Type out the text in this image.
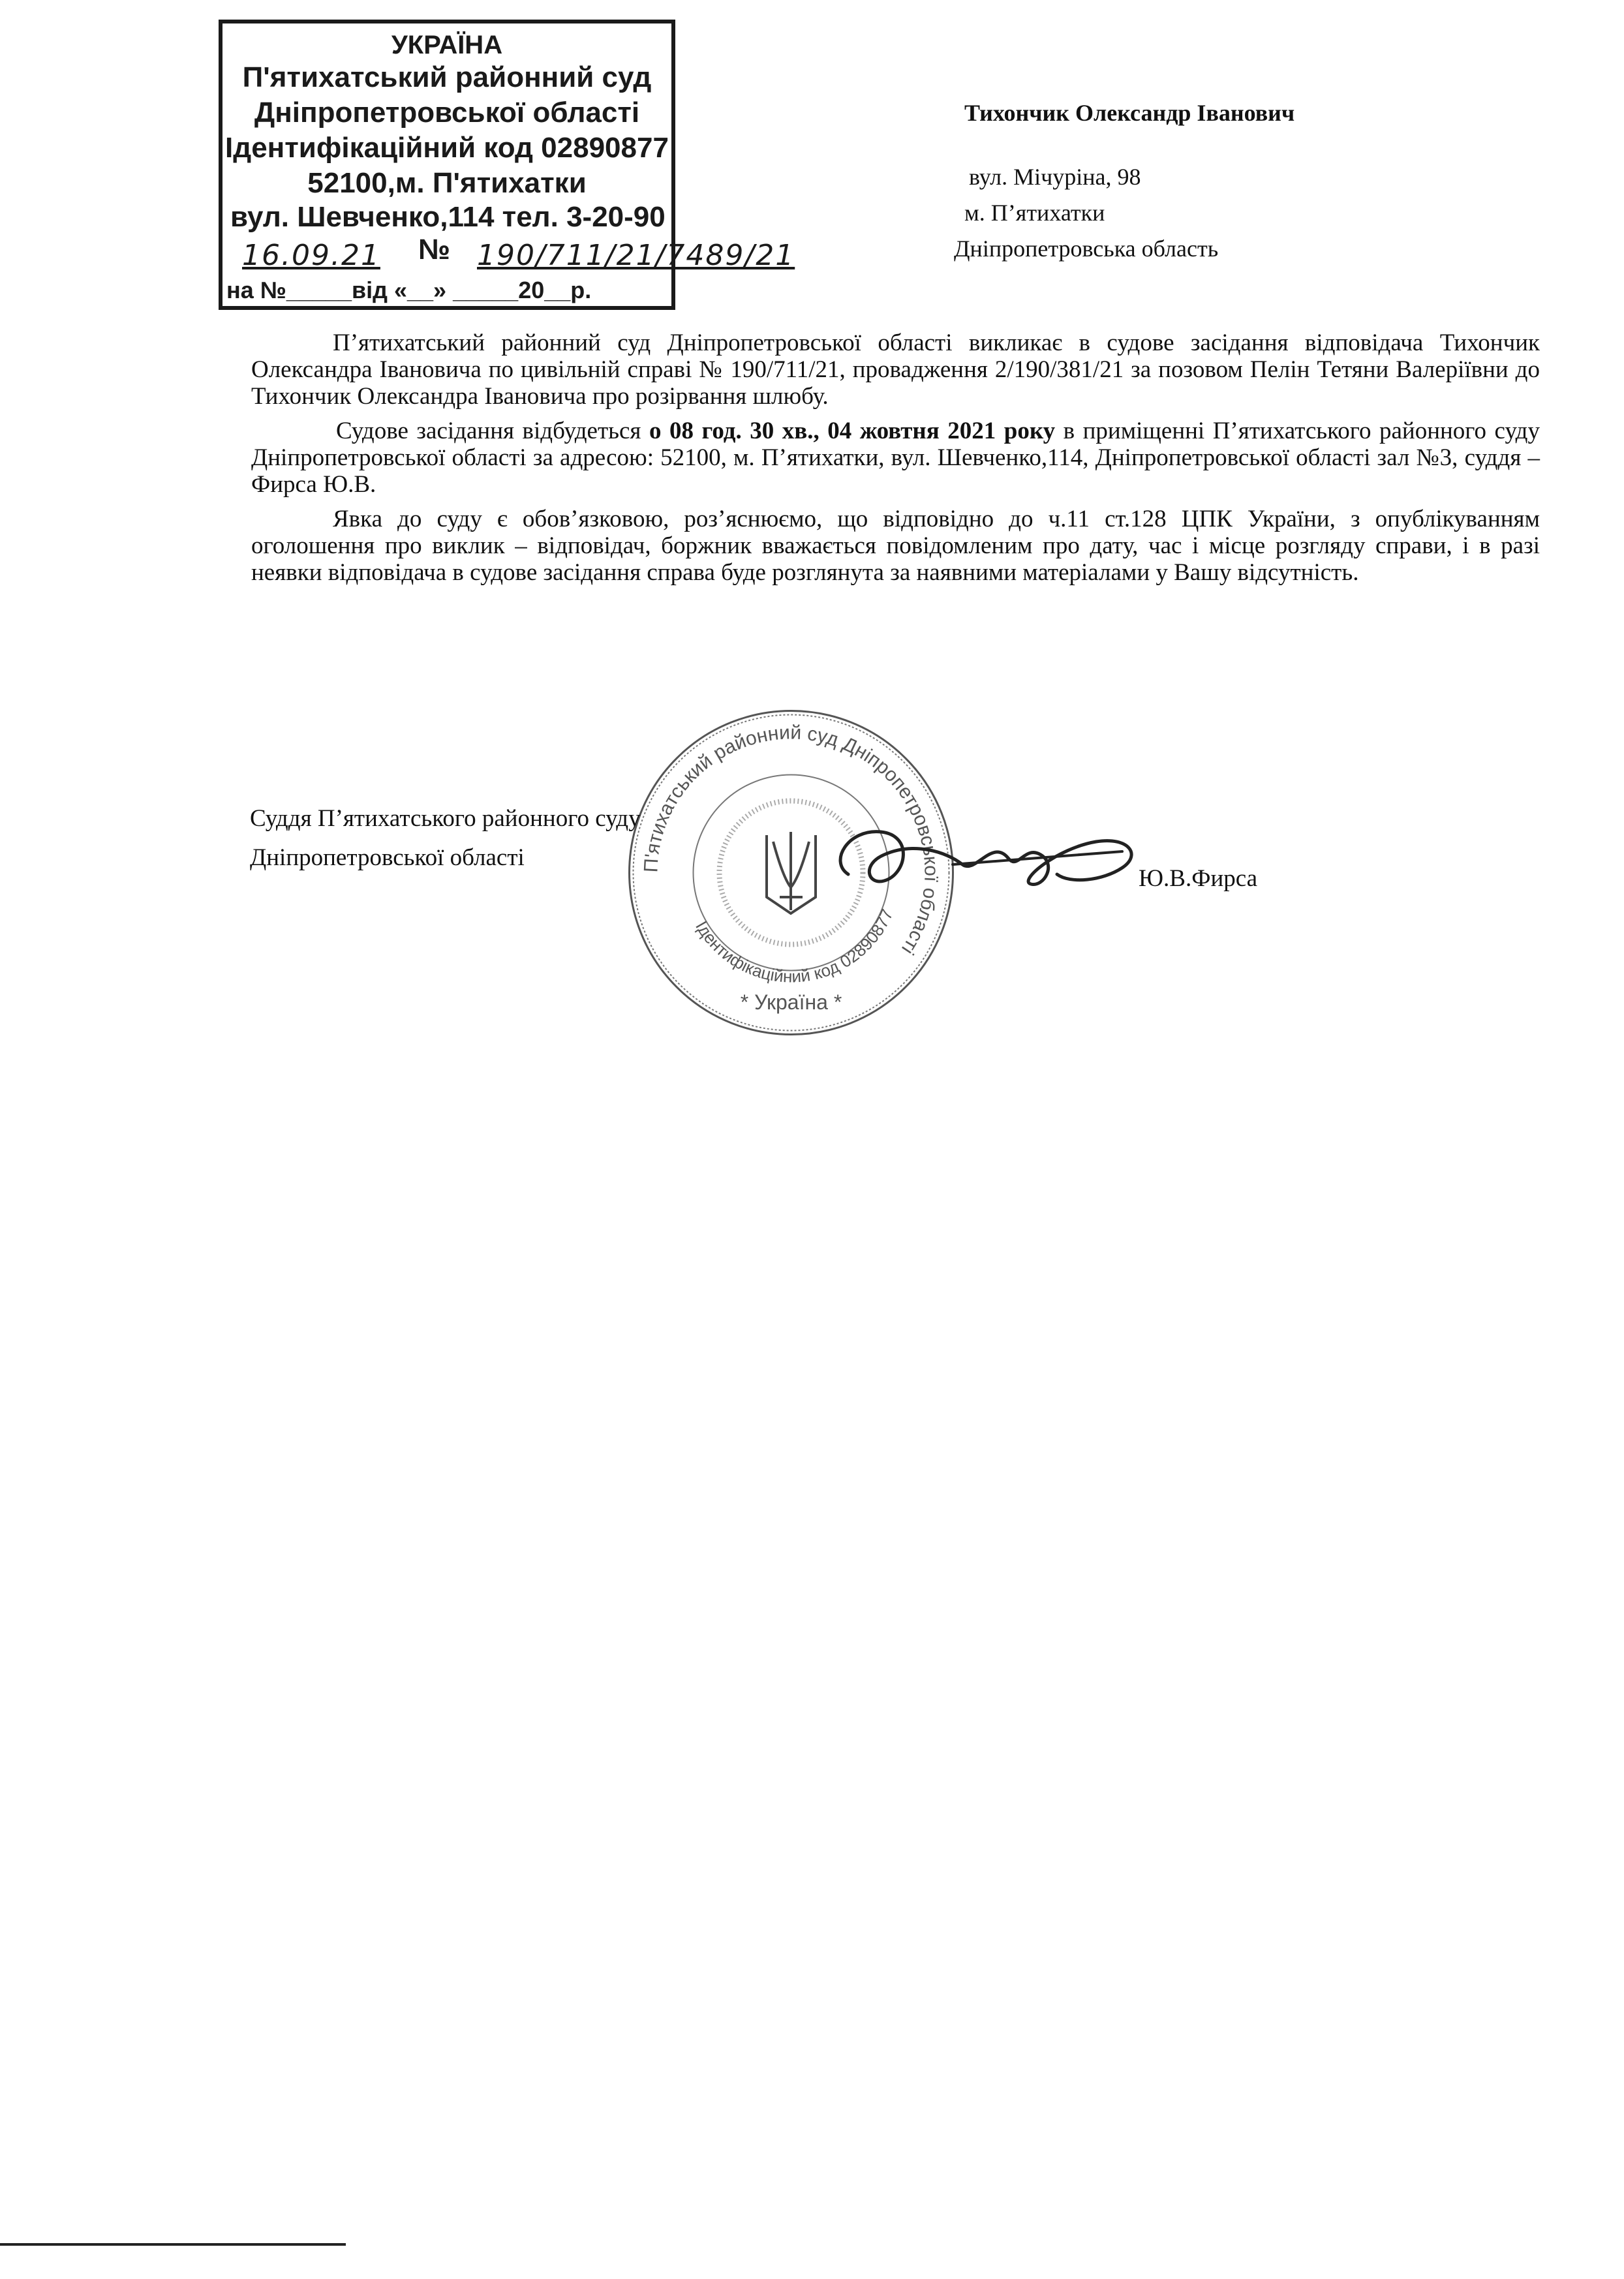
УКРАЇНА
П'ятихатський районний суд
Дніпропетровської області
Ідентифікаційний код 02890877
52100,м. П'ятихатки
вул. Шевченко,114 тел. 3-20-90
16.09.21 № 190/711/21/7489/21
на №_____від «__» _____20__р.
Тихончик Олександр Іванович
вул. Мічуріна, 98
м. П’ятихатки
Дніпропетровська область

П’ятихатський районний суд Дніпропетровської області викликає в судове засідання відповідача Тихончик Олександра Івановича по цивільній справі № 190/711/21, провадження 2/190/381/21 за позовом Пелін Тетяни Валеріївни до Тихончик Олександра Івановича про розірвання шлюбу.

Судове засідання відбудеться о 08 год. 30 хв., 04 жовтня 2021 року в приміщенні П’ятихатського районного суду Дніпропетровської області за адресою: 52100, м. П’ятихатки, вул. Шевченко,114, Дніпропетровської області зал №3, суддя – Фирса Ю.В.

Явка до суду є обов’язковою, роз’яснюємо, що відповідно до ч.11 ст.128 ЦПК України, з опублікуванням оголошення про виклик – відповідач, боржник вважається повідомленим про дату, час і місце розгляду справи, і в разі неявки відповідача в судове засідання справа буде розглянута за наявними матеріалами у Вашу відсутність.

П'ятихатський районний суд Дніпропетровської області
Ідентифікаційний код 02890877
* Україна *
Суддя П’ятихатського районного суду
Дніпропетровської області
Ю.В.Фирса
